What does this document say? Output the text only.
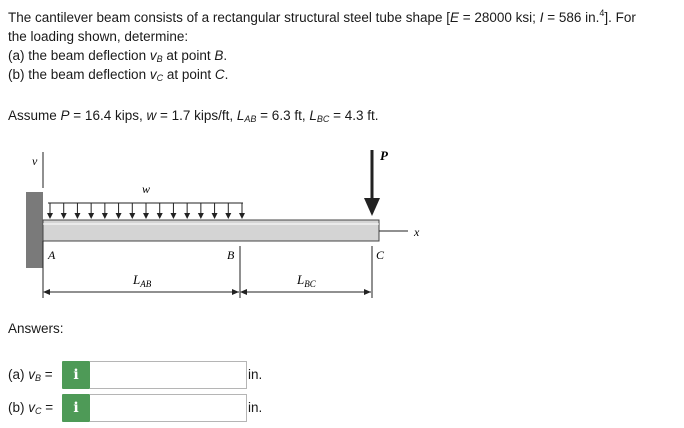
The cantilever beam consists of a rectangular structural steel tube shape [E = 28000 ksi; I = 586 in.$^4$]. For
the loading shown, determine:
(a) the beam deflection $v_B$ at point B.
(b) the beam deflection $v_C$ at point C.
Assume P = 16.4 kips, w = 1.7 kips/ft, $L_{AB} = 6.3$ ft, $L_{BC} = 4.3$ ft.
v
w
P
x
A	B	C
$L_{AB}$	$L_{BC}$
Answers:
(a) $v_B$ =	i	in.
(b) $v_C$ =	i	in.
